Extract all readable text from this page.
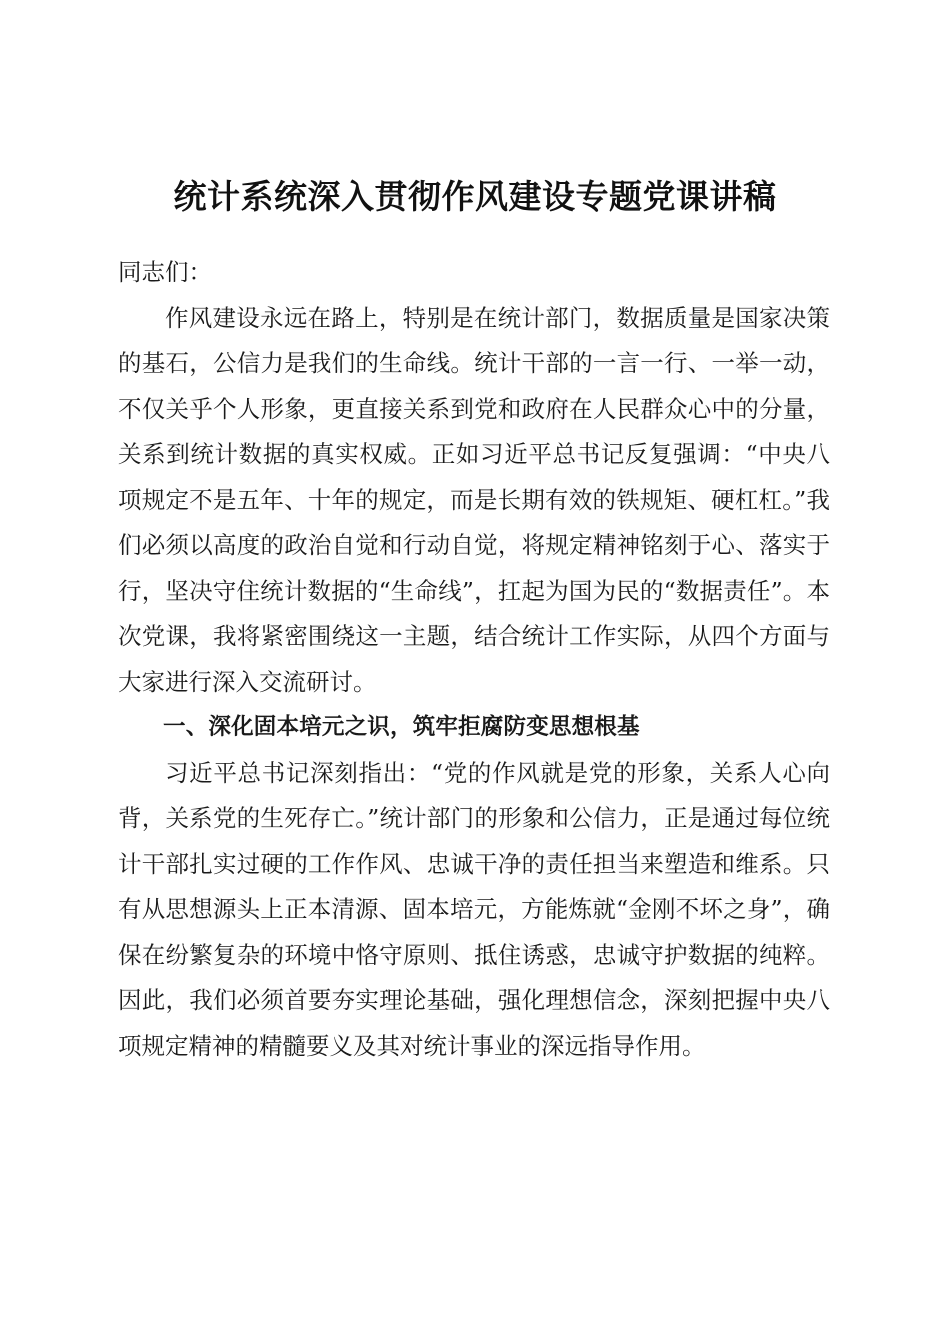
统计系统深入贯彻作风建设专题党课讲稿

同志们：

作风建设永远在路上，特别是在统计部门，数据质量是国家决策的基石，公信力是我们的生命线。统计干部的一言一行、一举一动，不仅关乎个人形象，更直接关系到党和政府在人民群众心中的分量，关系到统计数据的真实权威。正如习近平总书记反复强调：“中央八项规定不是五年、十年的规定，而是长期有效的铁规矩、硬杠杠。”我们必须以高度的政治自觉和行动自觉，将规定精神铭刻于心、落实于行，坚决守住统计数据的“生命线”，扛起为国为民的“数据责任”。本次党课，我将紧密围绕这一主题，结合统计工作实际，从四个方面与大家进行深入交流研讨。

一、深化固本培元之识，筑牢拒腐防变思想根基

习近平总书记深刻指出：“党的作风就是党的形象，关系人心向背，关系党的生死存亡。”统计部门的形象和公信力，正是通过每位统计干部扎实过硬的工作作风、忠诚干净的责任担当来塑造和维系。只有从思想源头上正本清源、固本培元，方能炼就“金刚不坏之身”，确保在纷繁复杂的环境中恪守原则、抵住诱惑，忠诚守护数据的纯粹。因此，我们必须首要夯实理论基础，强化理想信念，深刻把握中央八项规定精神的精髓要义及其对统计事业的深远指导作用。
